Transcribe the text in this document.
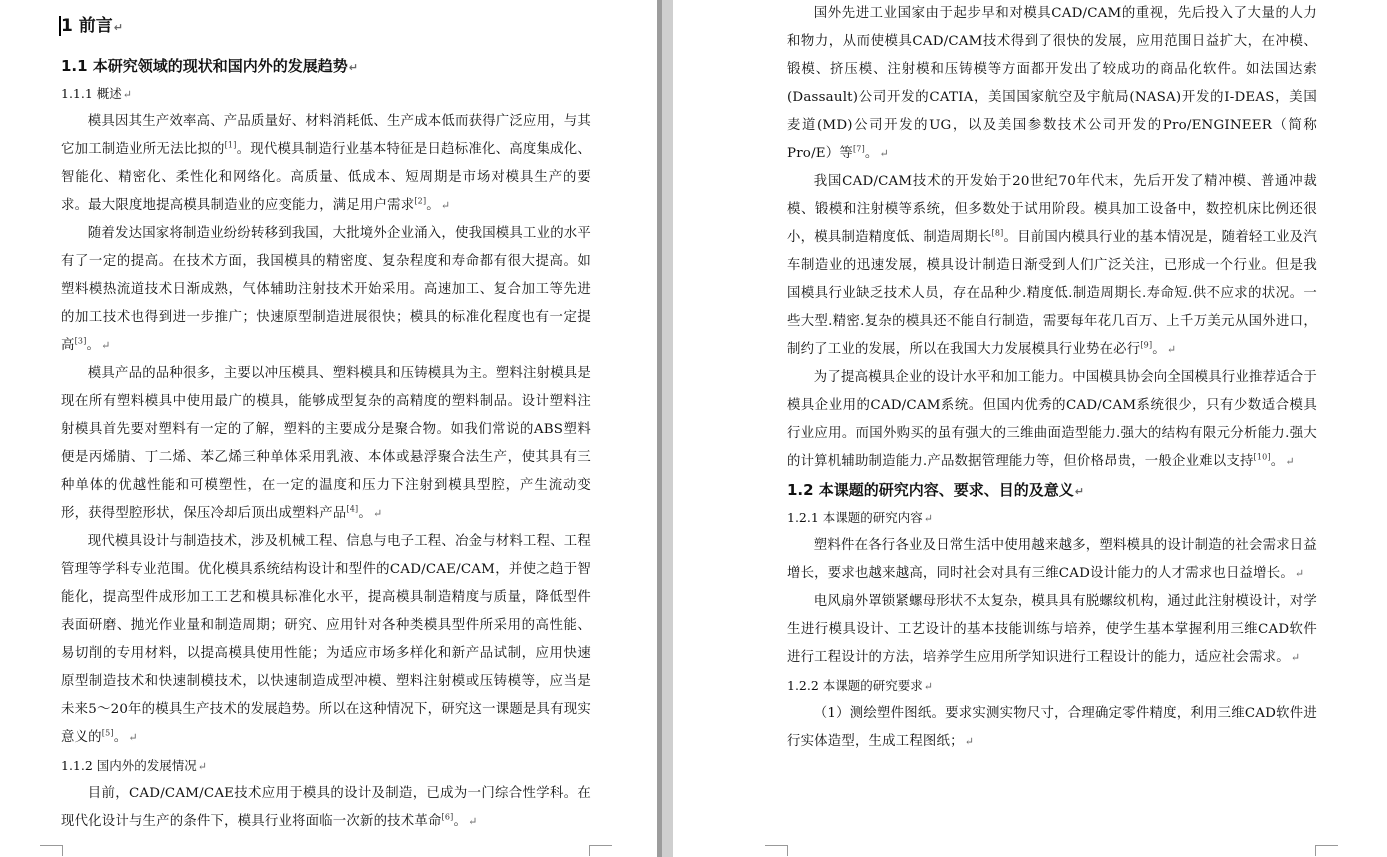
1 前言↵
1.1 本研究领域的现状和国内外的发展趋势↵
1.1.1 概述↵

模具因其生产效率高、产品质量好、材料消耗低、生产成本低而获得广泛应用，与其它加工制造业所无法比拟的[1]。现代模具制造行业基本特征是日趋标准化、高度集成化、智能化、精密化、柔性化和网络化。高质量、低成本、短周期是市场对模具生产的要求。最大限度地提高模具制造业的应变能力，满足用户需求[2]。↵

随着发达国家将制造业纷纷转移到我国，大批境外企业涌入，使我国模具工业的水平有了一定的提高。在技术方面，我国模具的精密度、复杂程度和寿命都有很大提高。如塑料模热流道技术日渐成熟，气体辅助注射技术开始采用。高速加工、复合加工等先进的加工技术也得到进一步推广；快速原型制造进展很快；模具的标准化程度也有一定提高[3]。↵

模具产品的品种很多，主要以冲压模具、塑料模具和压铸模具为主。塑料注射模具是现在所有塑料模具中使用最广的模具，能够成型复杂的高精度的塑料制品。设计塑料注射模具首先要对塑料有一定的了解，塑料的主要成分是聚合物。如我们常说的ABS塑料便是丙烯腈、丁二烯、苯乙烯三种单体采用乳液、本体或悬浮聚合法生产，使其具有三种单体的优越性能和可模塑性，在一定的温度和压力下注射到模具型腔，产生流动变形，获得型腔形状，保压冷却后顶出成塑料产品[4]。↵

现代模具设计与制造技术，涉及机械工程、信息与电子工程、冶金与材料工程、工程管理等学科专业范围。优化模具系统结构设计和型件的CAD/CAE/CAM，并使之趋于智能化，提高型件成形加工工艺和模具标准化水平，提高模具制造精度与质量，降低型件表面研磨、抛光作业量和制造周期；研究、应用针对各种类模具型件所采用的高性能、易切削的专用材料，以提高模具使用性能；为适应市场多样化和新产品试制，应用快速原型制造技术和快速制模技术，以快速制造成型冲模、塑料注射模或压铸模等，应当是未来5～20年的模具生产技术的发展趋势。所以在这种情况下，研究这一课题是具有现实意义的[5]。↵

1.1.2 国内外的发展情况↵

目前，CAD/CAM/CAE技术应用于模具的设计及制造，已成为一门综合性学科。在现代化设计与生产的条件下，模具行业将面临一次新的技术革命[6]。↵

国外先进工业国家由于起步早和对模具CAD/CAM的重视，先后投入了大量的人力和物力，从而使模具CAD/CAM技术得到了很快的发展，应用范围日益扩大，在冲模、锻模、挤压模、注射模和压铸模等方面都开发出了较成功的商品化软件。如法国达索(Dassault)公司开发的CATIA，美国国家航空及宇航局(NASA)开发的I-DEAS，美国麦道(MD)公司开发的UG，以及美国参数技术公司开发的Pro/ENGINEER（简称Pro/E）等[7]。↵

我国CAD/CAM技术的开发始于20世纪70年代末，先后开发了精冲模、普通冲裁模、锻模和注射模等系统，但多数处于试用阶段。模具加工设备中，数控机床比例还很小，模具制造精度低、制造周期长[8]。目前国内模具行业的基本情况是，随着轻工业及汽车制造业的迅速发展，模具设计制造日渐受到人们广泛关注，已形成一个行业。但是我国模具行业缺乏技术人员，存在品种少.精度低.制造周期长.寿命短.供不应求的状况。一些大型.精密.复杂的模具还不能自行制造，需要每年花几百万、上千万美元从国外进口，制约了工业的发展，所以在我国大力发展模具行业势在必行[9]。↵

为了提高模具企业的设计水平和加工能力。中国模具协会向全国模具行业推荐适合于模具企业用的CAD/CAM系统。但国内优秀的CAD/CAM系统很少，只有少数适合模具行业应用。而国外购买的虽有强大的三维曲面造型能力.强大的结构有限元分析能力.强大的计算机辅助制造能力.产品数据管理能力等，但价格昂贵，一般企业难以支持[10]。↵

1.2 本课题的研究内容、要求、目的及意义↵
1.2.1 本课题的研究内容↵

塑料件在各行各业及日常生活中使用越来越多，塑料模具的设计制造的社会需求日益增长，要求也越来越高，同时社会对具有三维CAD设计能力的人才需求也日益增长。↵

电风扇外罩锁紧螺母形状不太复杂，模具具有脱螺纹机构，通过此注射模设计，对学生进行模具设计、工艺设计的基本技能训练与培养，使学生基本掌握利用三维CAD软件进行工程设计的方法，培养学生应用所学知识进行工程设计的能力，适应社会需求。↵

1.2.2 本课题的研究要求↵

（1）测绘塑件图纸。要求实测实物尺寸，合理确定零件精度，利用三维CAD软件进行实体造型，生成工程图纸；↵
